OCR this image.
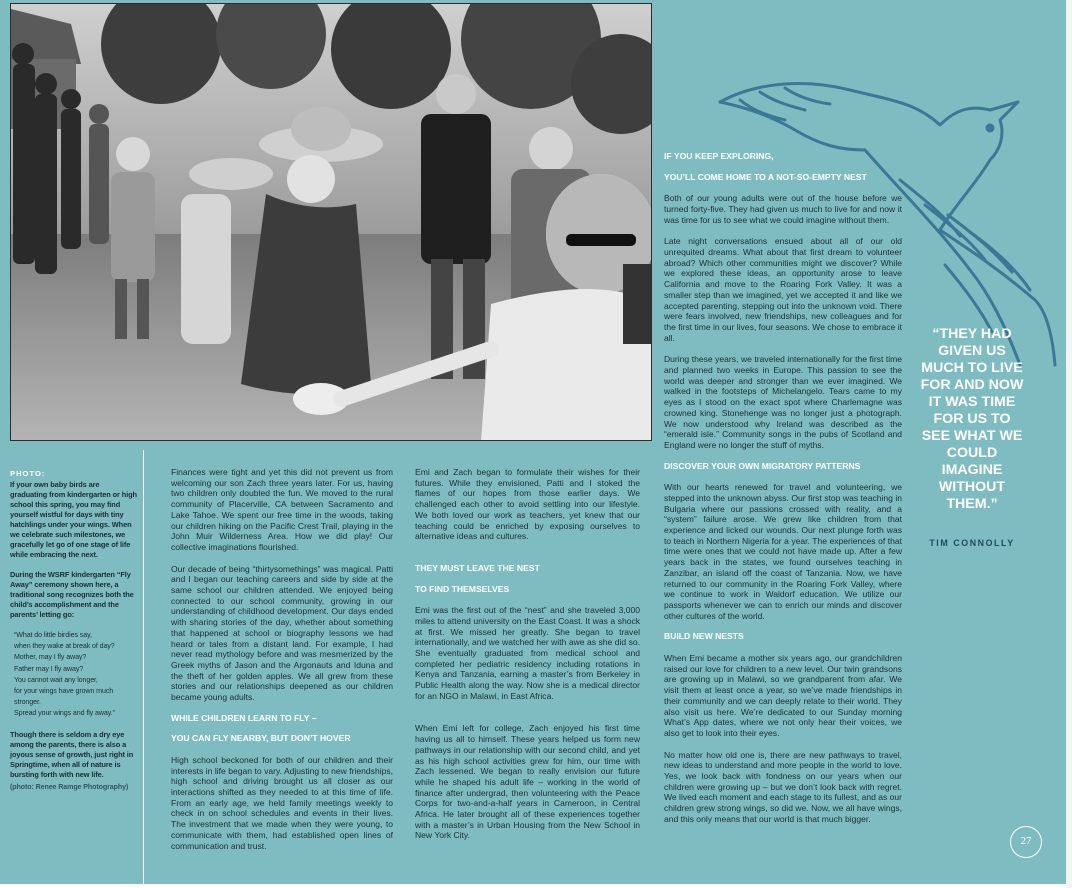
PHOTO:

If your own baby birds are graduating from kindergarten or high school this spring, you may find yourself wistful for days with tiny hatchlings under your wings. When we celebrate such milestones, we gracefully let go of one stage of life while embracing the next.

During the WSRF kindergarten “Fly Away” ceremony shown here, a traditional song recognizes both the child’s accomplishment and the parents’ letting go:

“What do little birdies say,
when they wake at break of day?
Mother, may I fly away?
Father may I fly away?
You cannot wait any longer,
for your wings have grown much stronger.
Spread your wings and fly away.”

Though there is seldom a dry eye among the parents, there is also a joyous sense of growth, just right in Springtime, when all of nature is bursting forth with new life.

(photo: Renee Ramge Photography)

Finances were tight and yet this did not prevent us from welcoming our son Zach three years later. For us, having two children only doubled the fun. We moved to the rural community of Placerville, CA between Sacramento and Lake Tahoe. We spent our free time in the woods, taking our children hiking on the Pacific Crest Trail, playing in the John Muir Wilderness Area. How we did play! Our collective imaginations flourished.

Our decade of being “thirtysomethings” was magical. Patti and I began our teaching careers and side by side at the same school our children attended. We enjoyed being connected to our school community, growing in our understanding of childhood development. Our days ended with sharing stories of the day, whether about something that happened at school or biography lessons we had heard or tales from a distant land. For example, I had never read mythology before and was mesmerized by the Greek myths of Jason and the Argonauts and Iduna and the theft of her golden apples. We all grew from these stories and our relationships deepened as our children became young adults.

WHILE CHILDREN LEARN TO FLY –

YOU CAN FLY NEARBY, BUT DON’T HOVER

High school beckoned for both of our children and their interests in life began to vary. Adjusting to new friendships, high school and driving brought us all closer as our interactions shifted as they needed to at this time of life. From an early age, we held family meetings weekly to check in on school schedules and events in their lives. The investment that we made when they were young, to communicate with them, had established open lines of communication and trust.

Emi and Zach began to formulate their wishes for their futures. While they envisioned, Patti and I stoked the flames of our hopes from those earlier days. We challenged each other to avoid settling into our lifestyle. We both loved our work as teachers, yet knew that our teaching could be enriched by exposing ourselves to alternative ideas and cultures.

THEY MUST LEAVE THE NEST

TO FIND THEMSELVES

Emi was the first out of the “nest” and she traveled 3,000 miles to attend university on the East Coast. It was a shock at first. We missed her greatly. She began to travel internationally, and we watched her with awe as she did so. She eventually graduated from medical school and completed her pediatric residency including rotations in Kenya and Tanzania, earning a master’s from Berkeley in Public Health along the way. Now she is a medical director for an NGO in Malawi, in East Africa.

When Emi left for college, Zach enjoyed his first time having us all to himself. These years helped us form new pathways in our relationship with our second child, and yet as his high school activities grew for him, our time with Zach lessened. We began to really envision our future while he shaped his adult life – working in the world of finance after undergrad, then volunteering with the Peace Corps for two-and-a-half years in Cameroon, in Central Africa. He later brought all of these experiences together with a master’s in Urban Housing from the New School in New York City.

IF YOU KEEP EXPLORING,

YOU’LL COME HOME TO A NOT-SO-EMPTY NEST

Both of our young adults were out of the house before we turned forty-five. They had given us much to live for and now it was time for us to see what we could imagine without them.

Late night conversations ensued about all of our old unrequited dreams. What about that first dream to volunteer abroad? Which other communities might we discover? While we explored these ideas, an opportunity arose to leave California and move to the Roaring Fork Valley. It was a smaller step than we imagined, yet we accepted it and like we accepted parenting, stepping out into the unknown void. There were fears involved, new friendships, new colleagues and for the first time in our lives, four seasons. We chose to embrace it all.

During these years, we traveled internationally for the first time and planned two weeks in Europe. This passion to see the world was deeper and stronger than we ever imagined. We walked in the footsteps of Michelangelo. Tears came to my eyes as I stood on the exact spot where Charlemagne was crowned king. Stonehenge was no longer just a photograph. We now understood why Ireland was described as the “emerald isle.” Community songs in the pubs of Scotland and England were no longer the stuff of myths.

DISCOVER YOUR OWN MIGRATORY PATTERNS

With our hearts renewed for travel and volunteering, we stepped into the unknown abyss. Our first stop was teaching in Bulgaria where our passions crossed with reality, and a “system” failure arose. We grew like children from that experience and licked our wounds. Our next plunge forth was to teach in Northern Nigeria for a year. The experiences of that time were ones that we could not have made up. After a few years back in the states, we found ourselves teaching in Zanzibar, an island off the coast of Tanzania. Now, we have returned to our community in the Roaring Fork Valley, where we continue to work in Waldorf education. We utilize our passports whenever we can to enrich our minds and discover other cultures of the world.

BUILD NEW NESTS

When Emi became a mother six years ago, our grandchildren raised our love for children to a new level. Our twin grandsons are growing up in Malawi, so we grandparent from afar. We visit them at least once a year, so we’ve made friendships in their community and we can deeply relate to their world. They also visit us here. We’re dedicated to our Sunday morning What’s App dates, where we not only hear their voices, we also get to look into their eyes.

No matter how old one is, there are new pathways to travel, new ideas to understand and more people in the world to love. Yes, we look back with fondness on our years when our children were growing up – but we don’t look back with regret. We lived each moment and each stage to its fullest, and as our children grew strong wings, so did we. Now, we all have wings, and this only means that our world is that much bigger.

“THEY HAD GIVEN US MUCH TO LIVE FOR AND NOW IT WAS TIME FOR US TO SEE WHAT WE COULD IMAGINE WITHOUT THEM.”
TIM CONNOLLY
27
